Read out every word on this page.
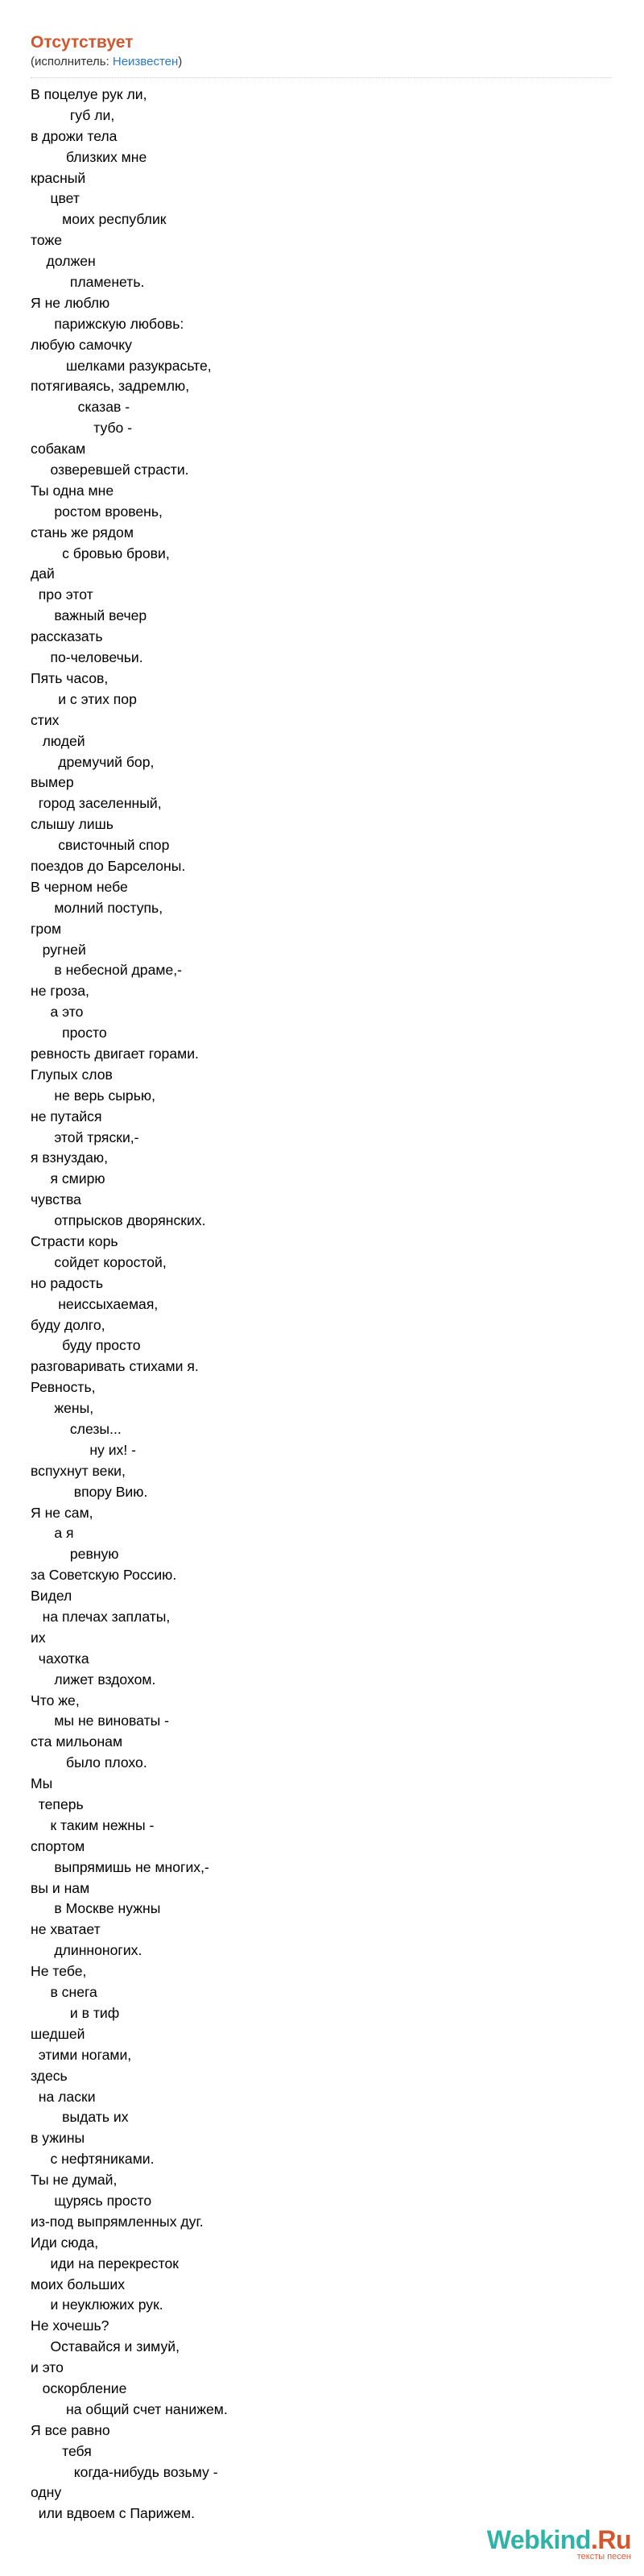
Отсутствует
(исполнитель: Неизвестен)
В поцелуе рук ли,
губ ли,
в дрожи тела
близких мне
красный
цвет
моих республик
тоже
должен
пламенеть.
Я не люблю
парижскую любовь:
любую самочку
шелками разукрасьте,
потягиваясь, задремлю,
сказав -
тубо -
собакам
озверевшей страсти.
Ты одна мне
ростом вровень,
стань же рядом
с бровью брови,
дай
про этот
важный вечер
рассказать
по-человечьи.
Пять часов,
и с этих пор
стих
людей
дремучий бор,
вымер
город заселенный,
слышу лишь
свисточный спор
поездов до Барселоны.
В черном небе
молний поступь,
гром
ругней
в небесной драме,-
не гроза,
а это
просто
ревность двигает горами.
Глупых слов
не верь сырью,
не путайся
этой тряски,-
я взнуздаю,
я смирю
чувства
отпрысков дворянских.
Страсти корь
сойдет коростой,
но радость
неиссыхаемая,
буду долго,
буду просто
разговаривать стихами я.
Ревность,
жены,
слезы...
ну их! -
вспухнут веки,
впору Вию.
Я не сам,
а я
ревную
за Советскую Россию.
Видел
на плечах заплаты,
их
чахотка
лижет вздохом.
Что же,
мы не виноваты -
ста мильонам
было плохо.
Мы
теперь
к таким нежны -
спортом
выпрямишь не многих,-
вы и нам
в Москве нужны
не хватает
длинноногих.
Не тебе,
в снега
и в тиф
шедшей
этими ногами,
здесь
на ласки
выдать их
в ужины
с нефтяниками.
Ты не думай,
щурясь просто
из-под выпрямленных дуг.
Иди сюда,
иди на перекресток
моих больших
и неуклюжих рук.
Не хочешь?
Оставайся и зимуй,
и это
оскорбление
на общий счет нанижем.
Я все равно
тебя
когда-нибудь возьму -
одну
или вдвоем с Парижем.
Webkind.Ru
тексты песен
